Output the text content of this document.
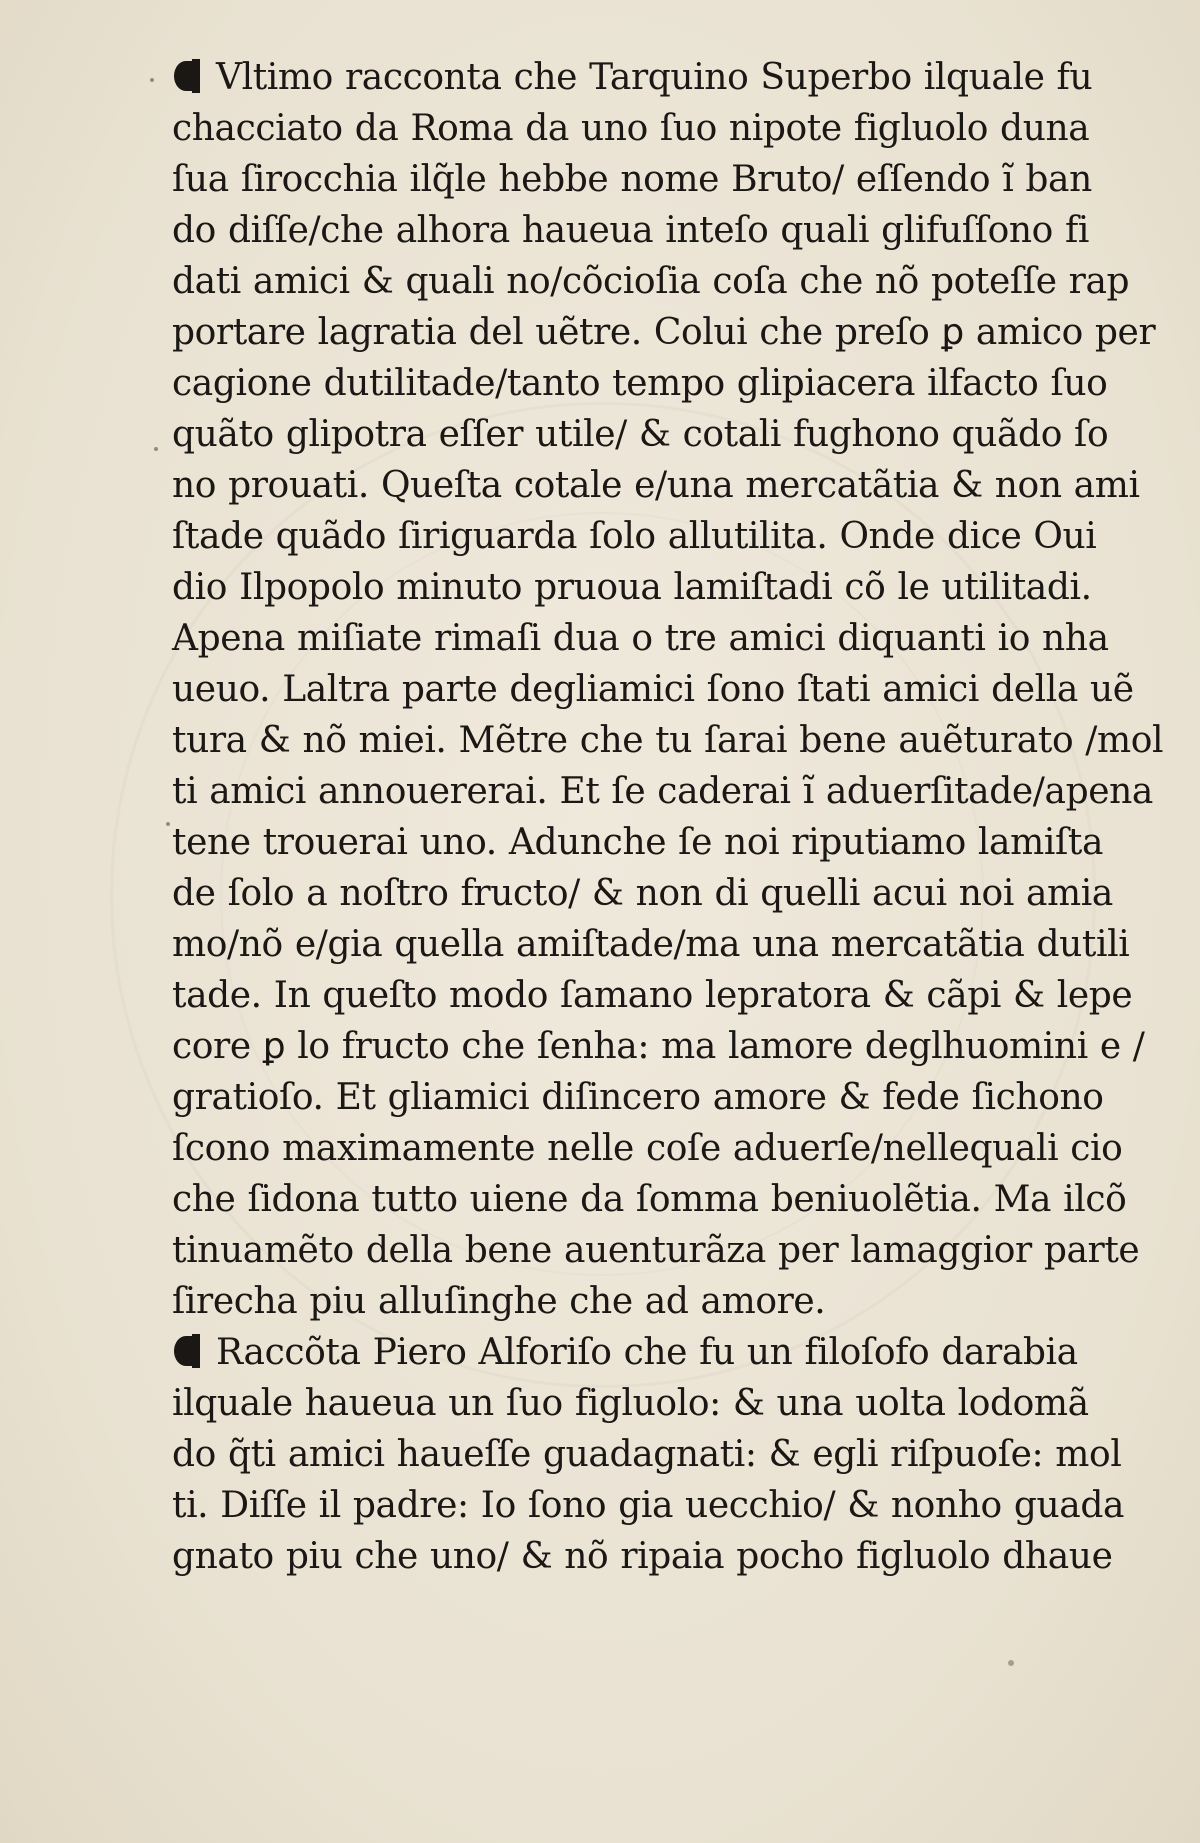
Vltimo racconta che Tarquino Superbo ilquale fu
chacciato da Roma da uno ſuo nipote figluolo duna
ſua ſirocchia ilq̃le hebbe nome Bruto/ eſſendo ĩ ban
do diſſe/che alhora haueua inteſo quali glifuſſono fi
dati amici & quali no/cõcioſia coſa che nõ poteſſe rap
portare lagratia del uẽtre. Colui che preſo ꝑ amico per
cagione dutilitade/tanto tempo glipiacera ilfacto ſuo
quãto glipotra eſſer utile/ & cotali fughono quãdo ſo
no prouati. Queſta cotale e/una mercatãtia & non ami
ſtade quãdo ſiriguarda ſolo allutilita. Onde dice Oui
dio Ilpopolo minuto pruoua lamiſtadi cõ le utilitadi.
Apena miſiate rimaſi dua o tre amici diquanti io nha
ueuo. Laltra parte degliamici ſono ſtati amici della uẽ
tura & nõ miei. Mẽtre che tu ſarai bene auẽturato /mol
ti amici annouererai. Et ſe caderai ĩ aduerſitade/apena
tene trouerai uno. Adunche ſe noi riputiamo lamiſta
de ſolo a noſtro fructo/ & non di quelli acui noi amia
mo/nõ e/gia quella amiſtade/ma una mercatãtia dutili
tade. In queſto modo ſamano lepratora & cãpi & lepe
core ꝑ lo fructo che ſenha: ma lamore deglhuomini e /
gratioſo. Et gliamici diſincero amore & fede ſichono
ſcono maximamente nelle coſe aduerſe/nellequali cio
che ſidona tutto uiene da ſomma beniuolẽtia. Ma ilcõ
tinuamẽto della bene auenturãza per lamaggior parte
ſirecha piu alluſinghe che ad amore.
Raccõta Piero Alforiſo che fu un filoſofo darabia
ilquale haueua un ſuo figluolo: & una uolta lodomã
do q̃ti amici haueſſe guadagnati: & egli riſpuoſe: mol
ti. Diſſe il padre: Io ſono gia uecchio/ & nonho guada
gnato piu che uno/ & nõ ripaia pocho figluolo dhaue
